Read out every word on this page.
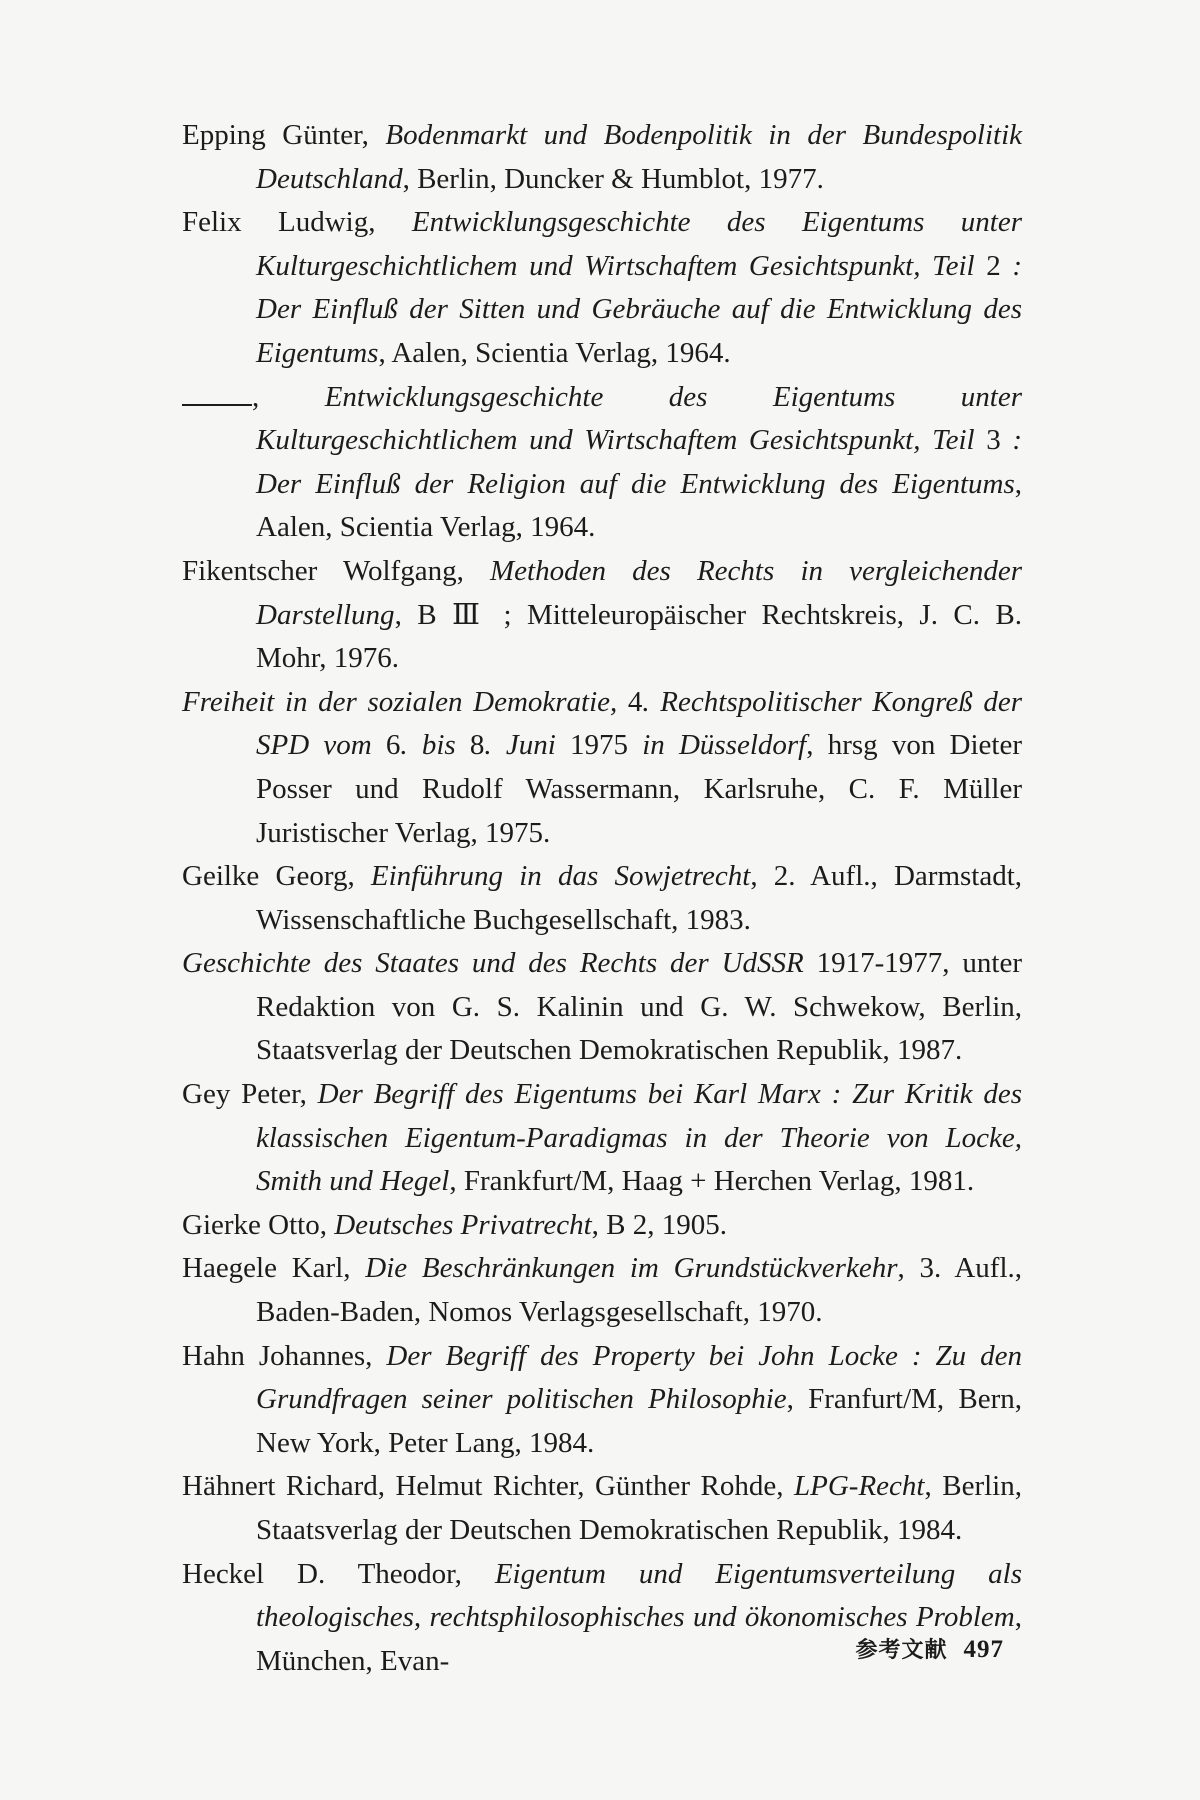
Epping Günter, Bodenmarkt und Bodenpolitik in der Bundespolitik Deutschland, Berlin, Duncker & Humblot, 1977.
Felix Ludwig, Entwicklungsgeschichte des Eigentums unter Kulturgeschichtlichem und Wirtschaftem Gesichtspunkt, Teil 2 : Der Einfluß der Sitten und Gebräuche auf die Entwicklung des Eigentums, Aalen, Scientia Verlag, 1964.
, Entwicklungsgeschichte des Eigentums unter Kulturgeschichtlichem und Wirtschaftem Gesichtspunkt, Teil 3 : Der Einfluß der Religion auf die Entwicklung des Eigentums, Aalen, Scientia Verlag, 1964.
Fikentscher Wolfgang, Methoden des Rechts in vergleichender Darstellung, B Ⅲ ; Mitteleuropäischer Rechtskreis, J. C. B. Mohr, 1976.
Freiheit in der sozialen Demokratie, 4. Rechtspolitischer Kongreß der SPD vom 6. bis 8. Juni 1975 in Düsseldorf, hrsg von Dieter Posser und Rudolf Wassermann, Karlsruhe, C. F. Müller Juristischer Verlag, 1975.
Geilke Georg, Einführung in das Sowjetrecht, 2. Aufl., Darmstadt, Wissenschaftliche Buchgesellschaft, 1983.
Geschichte des Staates und des Rechts der UdSSR 1917-1977, unter Redaktion von G. S. Kalinin und G. W. Schwekow, Berlin, Staatsverlag der Deutschen Demokratischen Republik, 1987.
Gey Peter, Der Begriff des Eigentums bei Karl Marx : Zur Kritik des klassischen Eigentum-Paradigmas in der Theorie von Locke, Smith und Hegel, Frankfurt/M, Haag + Herchen Verlag, 1981.
Gierke Otto, Deutsches Privatrecht, B 2, 1905.
Haegele Karl, Die Beschränkungen im Grundstückverkehr, 3. Aufl., Baden-Baden, Nomos Verlagsgesellschaft, 1970.
Hahn Johannes, Der Begriff des Property bei John Locke : Zu den Grundfragen seiner politischen Philosophie, Franfurt/M, Bern, New York, Peter Lang, 1984.
Hähnert Richard, Helmut Richter, Günther Rohde, LPG-Recht, Berlin, Staatsverlag der Deutschen Demokratischen Republik, 1984.
Heckel D. Theodor, Eigentum und Eigentumsverteilung als theologisches, rechtsphilosophisches und ökonomisches Problem, München, Evan-	参考文献 497
